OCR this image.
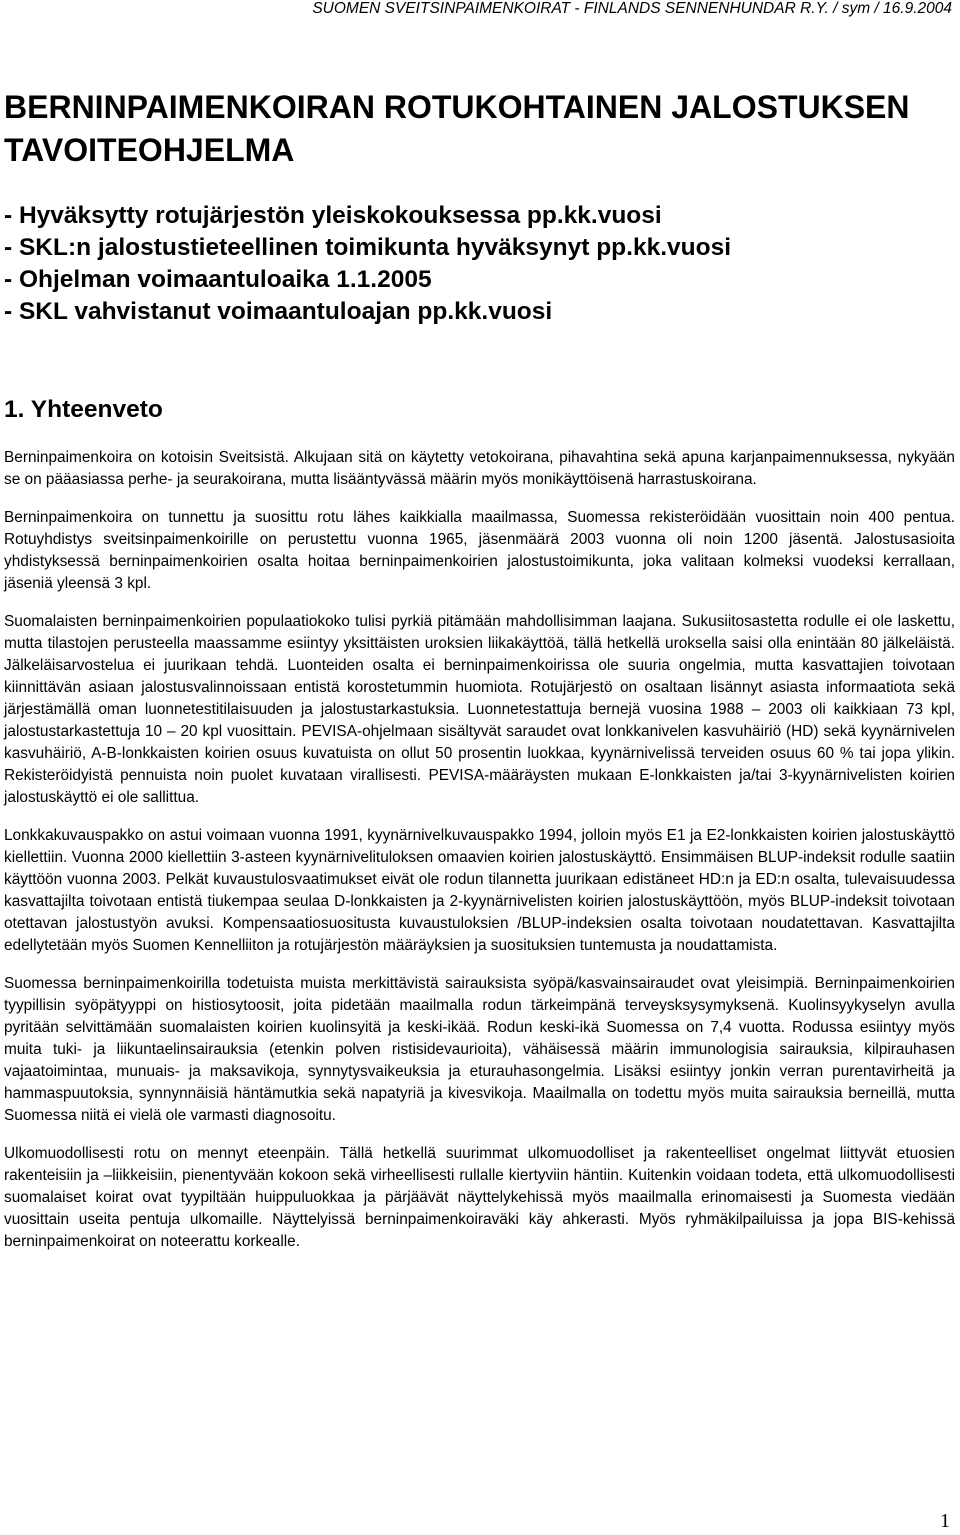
SUOMEN SVEITSINPAIMENKOIRAT - FINLANDS SENNENHUNDAR R.Y. / sym / 16.9.2004
BERNINPAIMENKOIRAN ROTUKOHTAINEN JALOSTUKSEN TAVOITEOHJELMA
- Hyväksytty rotujärjestön yleiskokouksessa pp.kk.vuosi
- SKL:n jalostustieteellinen toimikunta hyväksynyt pp.kk.vuosi
- Ohjelman voimaantuloaika 1.1.2005
- SKL vahvistanut voimaantuloajan pp.kk.vuosi
1. Yhteenveto

Berninpaimenkoira on kotoisin Sveitsistä. Alkujaan sitä on käytetty vetokoirana, pihavahtina sekä apuna karjanpaimennuksessa, nykyään se on pääasiassa perhe- ja seurakoirana, mutta lisääntyvässä määrin myös monikäyttöisenä harrastuskoirana.

Berninpaimenkoira on tunnettu ja suosittu rotu lähes kaikkialla maailmassa, Suomessa rekisteröidään vuosittain noin 400 pentua. Rotuyhdistys sveitsinpaimenkoirille on perustettu vuonna 1965, jäsenmäärä 2003 vuonna oli noin 1200 jäsentä. Jalostusasioita yhdistyksessä berninpaimenkoirien osalta hoitaa berninpaimenkoirien jalostustoimikunta, joka valitaan kolmeksi vuodeksi kerrallaan, jäseniä yleensä 3 kpl.

Suomalaisten berninpaimenkoirien populaatiokoko tulisi pyrkiä pitämään mahdollisimman laajana. Sukusiitosastetta rodulle ei ole laskettu, mutta tilastojen perusteella maassamme esiintyy yksittäisten uroksien liikakäyttöä, tällä hetkellä uroksella saisi olla enintään 80 jälkeläistä. Jälkeläisarvostelua ei juurikaan tehdä. Luonteiden osalta ei berninpaimenkoirissa ole suuria ongelmia, mutta kasvattajien toivotaan kiinnittävän asiaan jalostusvalinnoissaan entistä korostetummin huomiota. Rotujärjestö on osaltaan lisännyt asiasta informaatiota sekä järjestämällä oman luonnetestitilaisuuden ja jalostustarkastuksia. Luonnetestattuja bernejä vuosina 1988 – 2003 oli kaikkiaan 73 kpl, jalostustarkastettuja 10 – 20 kpl vuosittain. PEVISA-ohjelmaan sisältyvät saraudet ovat lonkkanivelen kasvuhäiriö (HD) sekä kyynärnivelen kasvuhäiriö, A-B-lonkkaisten koirien osuus kuvatuista on ollut 50 prosentin luokkaa, kyynärnivelissä terveiden osuus 60 % tai jopa ylikin. Rekisteröidyistä pennuista noin puolet kuvataan virallisesti. PEVISA-määräysten mukaan E-lonkkaisten ja/tai 3-kyynärnivelisten koirien jalostuskäyttö ei ole sallittua.

Lonkkakuvauspakko on astui voimaan vuonna 1991, kyynärnivelkuvauspakko 1994, jolloin myös E1 ja E2-lonkkaisten koirien jalostuskäyttö kiellettiin. Vuonna 2000 kiellettiin 3-asteen kyynärnivelituloksen omaavien koirien jalostuskäyttö. Ensimmäisen BLUP-indeksit rodulle saatiin käyttöön vuonna 2003. Pelkät kuvaustulosvaatimukset eivät ole rodun tilannetta juurikaan edistäneet HD:n ja ED:n osalta, tulevaisuudessa kasvattajilta toivotaan entistä tiukempaa seulaa D-lonkkaisten ja 2-kyynärnivelisten koirien jalostuskäyttöön, myös BLUP-indeksit toivotaan otettavan jalostustyön avuksi. Kompensaatiosuositusta kuvaustuloksien /BLUP-indeksien osalta toivotaan noudatettavan. Kasvattajilta edellytetään myös Suomen Kennelliiton ja rotujärjestön määräyksien ja suosituksien tuntemusta ja noudattamista.

Suomessa berninpaimenkoirilla todetuista muista merkittävistä sairauksista syöpä/kasvainsairaudet ovat yleisimpiä. Berninpaimenkoirien tyypillisin syöpätyyppi on histiosytoosit, joita pidetään maailmalla rodun tärkeimpänä terveysksysymyksenä. Kuolinsyykyselyn avulla pyritään selvittämään suomalaisten koirien kuolinsyitä ja keski-ikää. Rodun keski-ikä Suomessa on 7,4 vuotta. Rodussa esiintyy myös muita tuki- ja liikuntaelinsairauksia (etenkin polven ristisidevaurioita), vähäisessä määrin immunologisia sairauksia, kilpirauhasen vajaatoimintaa, munuais- ja maksavikoja, synnytysvaikeuksia ja eturauhasongelmia. Lisäksi esiintyy jonkin verran purentavirheitä ja hammaspuutoksia, synnynnäisiä häntämutkia sekä napatyriä ja kivesvikoja. Maailmalla on todettu myös muita sairauksia berneillä, mutta Suomessa niitä ei vielä ole varmasti diagnosoitu.

Ulkomuodollisesti rotu on mennyt eteenpäin. Tällä hetkellä suurimmat ulkomuodolliset ja rakenteelliset ongelmat liittyvät etuosien rakenteisiin ja –liikkeisiin, pienentyvään kokoon sekä virheellisesti rullalle kiertyviin häntiin. Kuitenkin voidaan todeta, että ulkomuodollisesti suomalaiset koirat ovat tyypiltään huippuluokkaa ja pärjäävät näyttelykehissä myös maailmalla erinomaisesti ja Suomesta viedään vuosittain useita pentuja ulkomaille. Näyttelyissä berninpaimenkoiraväki käy ahkerasti. Myös ryhmäkilpailuissa ja jopa BIS-kehissä berninpaimenkoirat on noteerattu korkealle.

1
